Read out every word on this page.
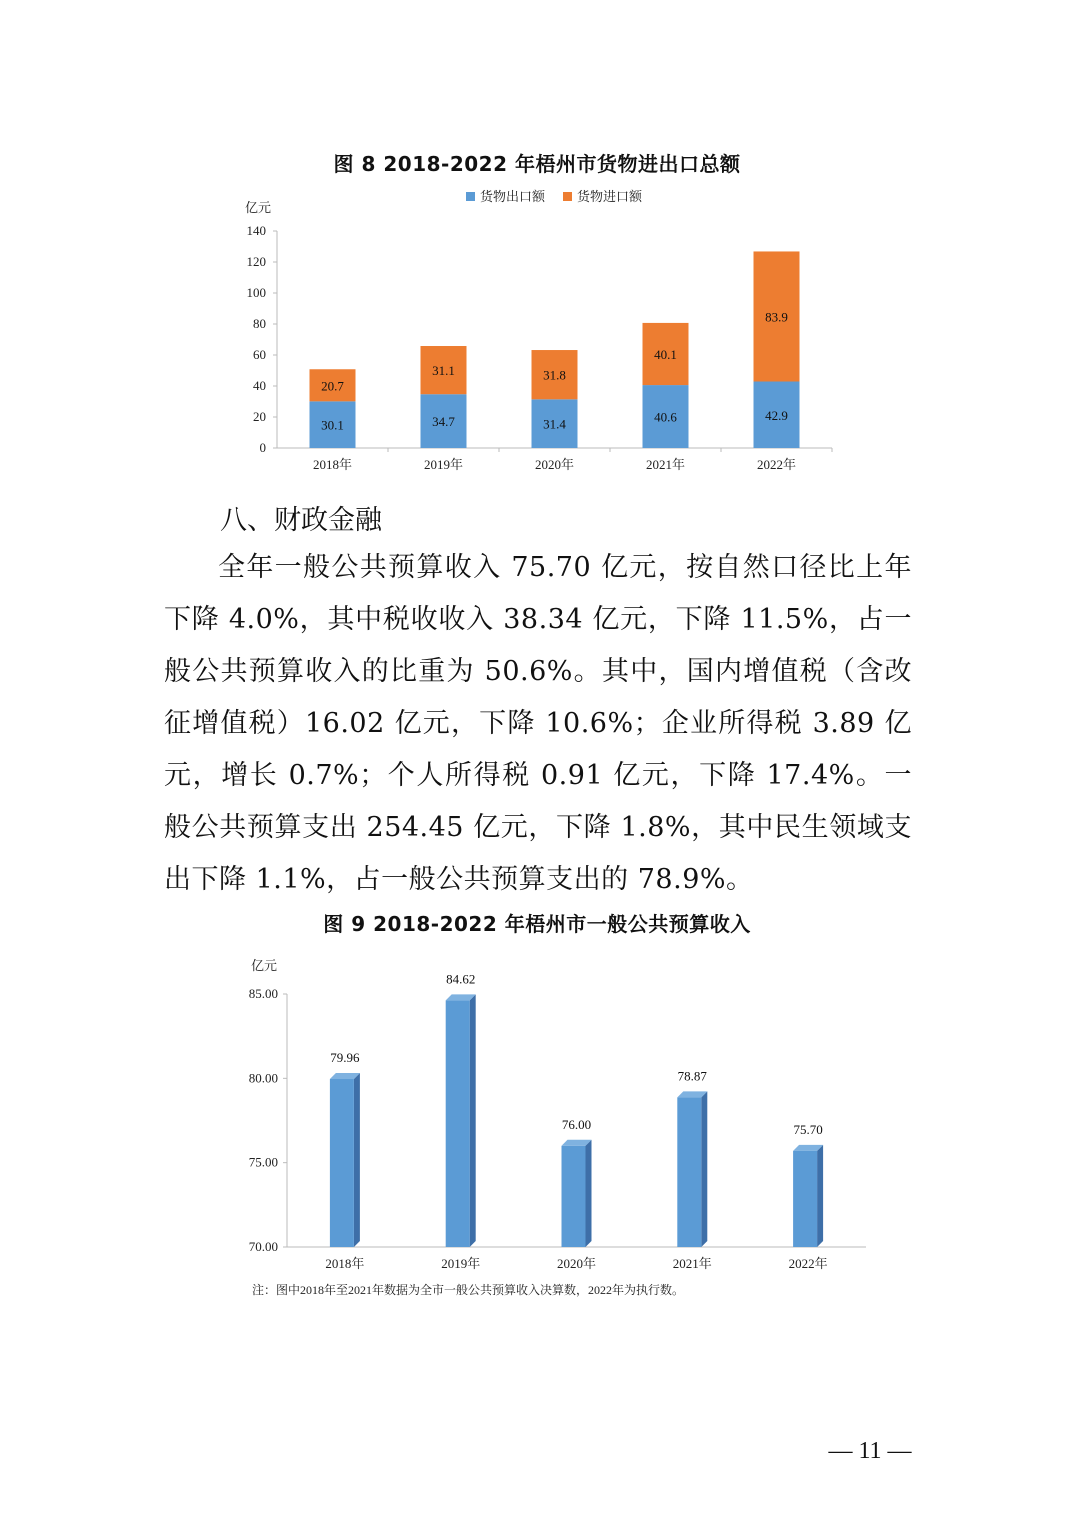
图 8 2018-2022 年梧州市货物进出口总额
亿元
货物出口额 货物进口额
0
20
40
60
80
100
120
140
30.1
20.7
2018年
34.7
31.1
2019年
31.4
31.8
2020年
40.6
40.1
2021年
42.9
83.9
2022年
八、财政金融
全年一般公共预算收入 75.70 亿元，按自然口径比上年下降 4.0%，其中税收收入 38.34 亿元，下降 11.5%，占一般公共预算收入的比重为 50.6%。其中，国内增值税（含改征增值税）16.02 亿元，下降 10.6%；企业所得税 3.89 亿元，增长 0.7%；个人所得税 0.91 亿元，下降 17.4%。一般公共预算支出 254.45 亿元，下降 1.8%，其中民生领域支出下降 1.1%，占一般公共预算支出的 78.9%。
图 9 2018-2022 年梧州市一般公共预算收入
亿元
70.00
75.00
80.00
85.00
79.96
2018年
84.62
2019年
76.00
2020年
78.87
2021年
75.70
2022年
注：图中2018年至2021年数据为全市一般公共预算收入决算数，2022年为执行数。
— 11 —
